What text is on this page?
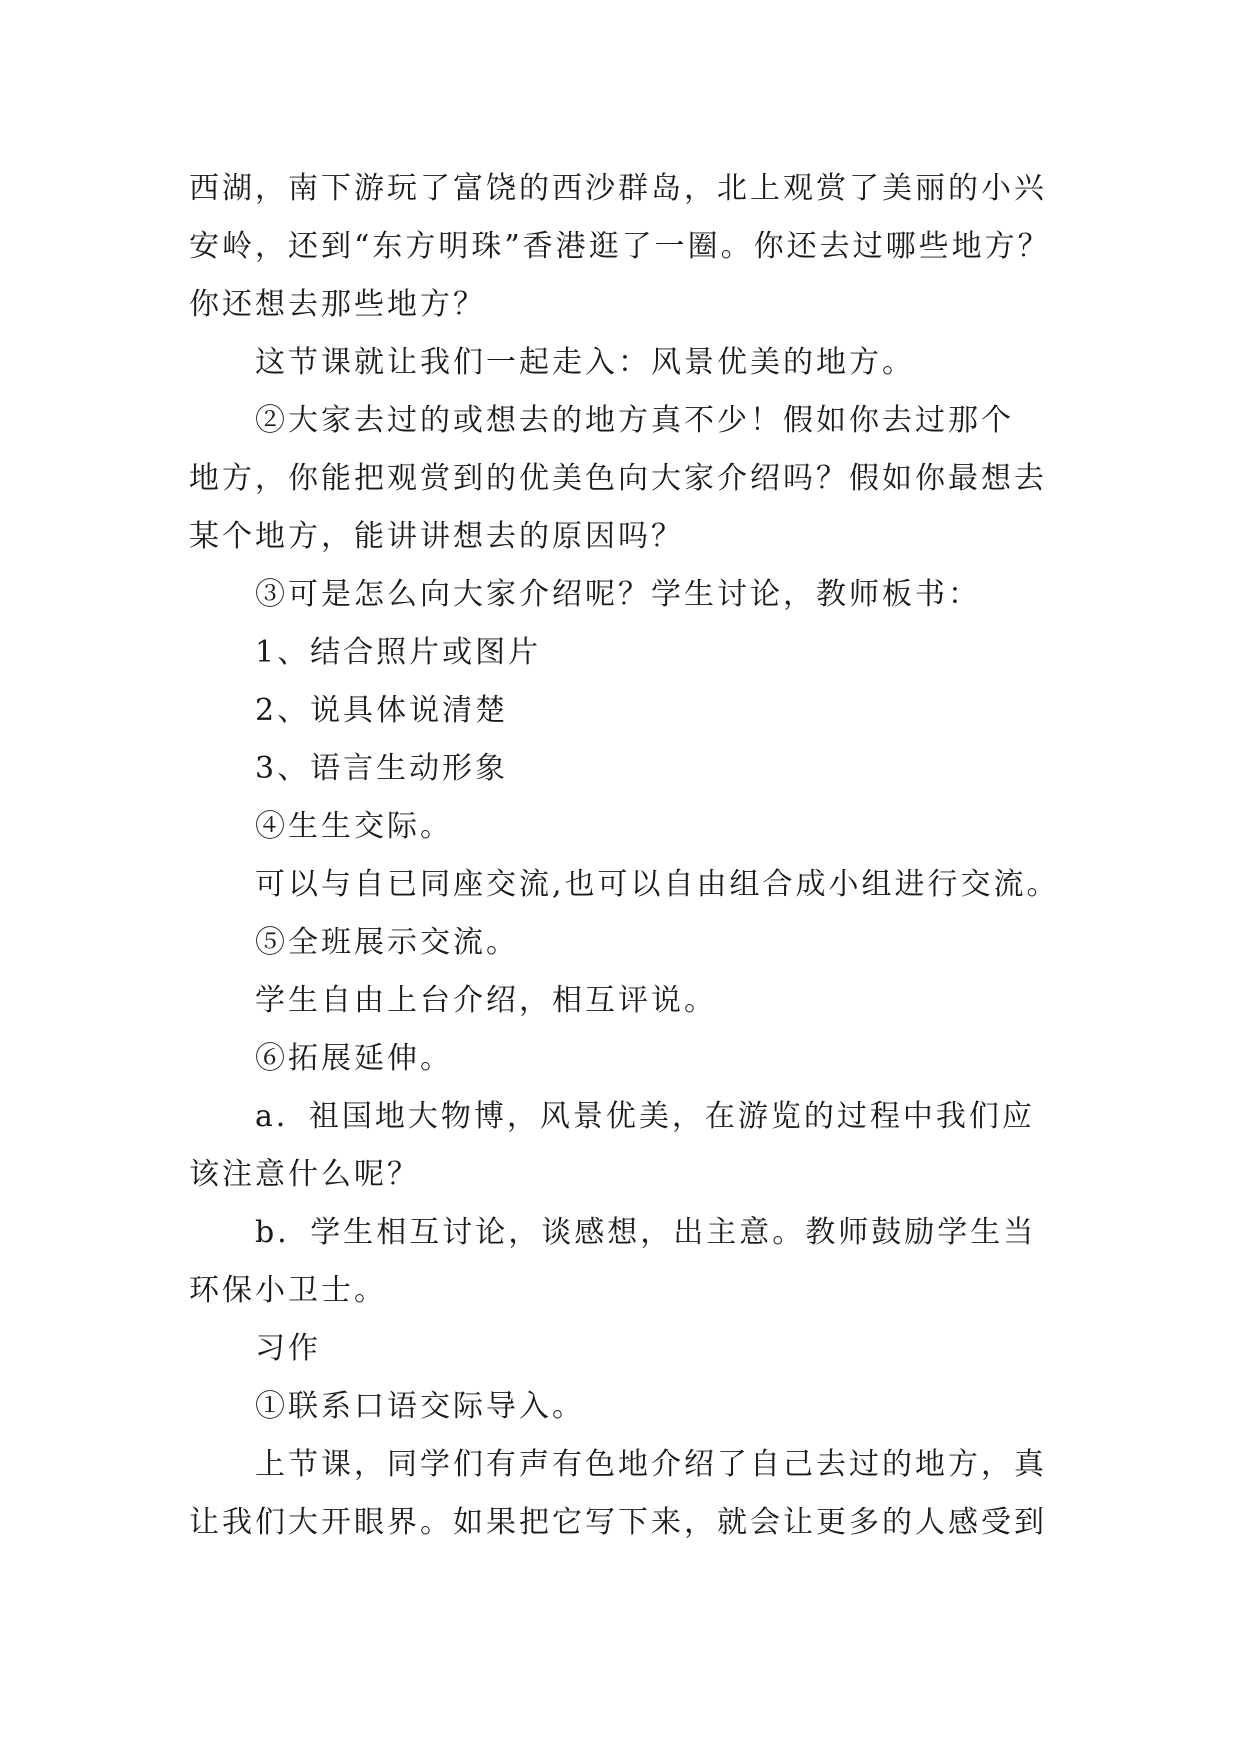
西湖，南下游玩了富饶的西沙群岛，北上观赏了美丽的小兴
安岭，还到“东方明珠”香港逛了一圈。你还去过哪些地方？
你还想去那些地方？
这节课就让我们一起走入：风景优美的地方。
②大家去过的或想去的地方真不少！假如你去过那个
地方，你能把观赏到的优美色向大家介绍吗？假如你最想去
某个地方，能讲讲想去的原因吗？
③可是怎么向大家介绍呢？学生讨论，教师板书：
1、结合照片或图片
2、说具体说清楚
3、语言生动形象
④生生交际。
可以与自已同座交流,也可以自由组合成小组进行交流。
⑤全班展示交流。
学生自由上台介绍，相互评说。
⑥拓展延伸。
a．祖国地大物博，风景优美，在游览的过程中我们应
该注意什么呢？
b．学生相互讨论，谈感想，出主意。教师鼓励学生当
环保小卫士。
习作
①联系口语交际导入。
上节课，同学们有声有色地介绍了自己去过的地方，真
让我们大开眼界。如果把它写下来，就会让更多的人感受到
